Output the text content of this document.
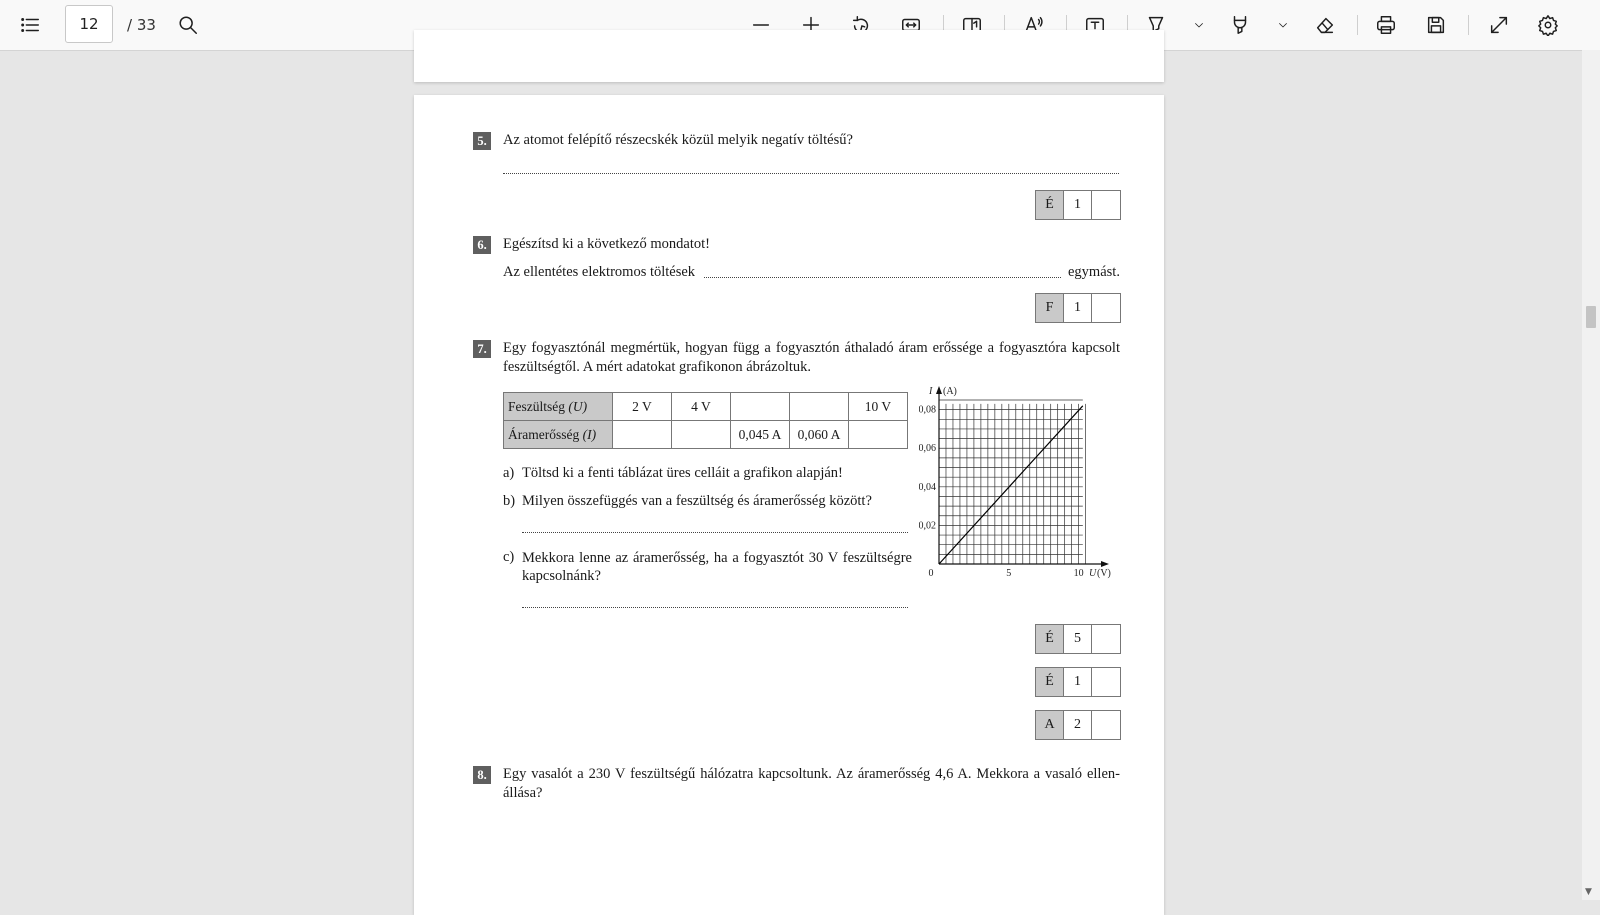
12
/ 33
5. Az atomot felépítő részecskék közül melyik negatív töltésű?
É	1
6. Egészítsd ki a következő mondatot!
Az ellentétes elektromos töltések	egymást.
F	1
7. Egy fogyasztónál megmértük, hogyan függ a fogyasztón áthaladó áram erőssége a fogyasztóra kapcsolt feszültségtől. A mért adatokat grafikonon ábrázoltuk.
Feszültség (U)	2 V	4 V			10 V
Áramerősség (I)			0,045 A	0,060 A	
a) Töltsd ki a fenti táblázat üres celláit a grafikon alapján!
b) Milyen összefüggés van a feszültség és áramerősség között?
c) Mekkora lenne az áramerősség, ha a fogyasztót 30 V feszültségre kapcsolnánk?	0	5	10
0,02
0,04
0,06
0,08
U (V)
I (A)
É	5
É	1
A	2
8. Egy vasalót a 230 V feszültségű hálózatra kapcsoltunk. Az áramerősség 4,6 A. Mekkora a vasaló ellenállása?
▼
